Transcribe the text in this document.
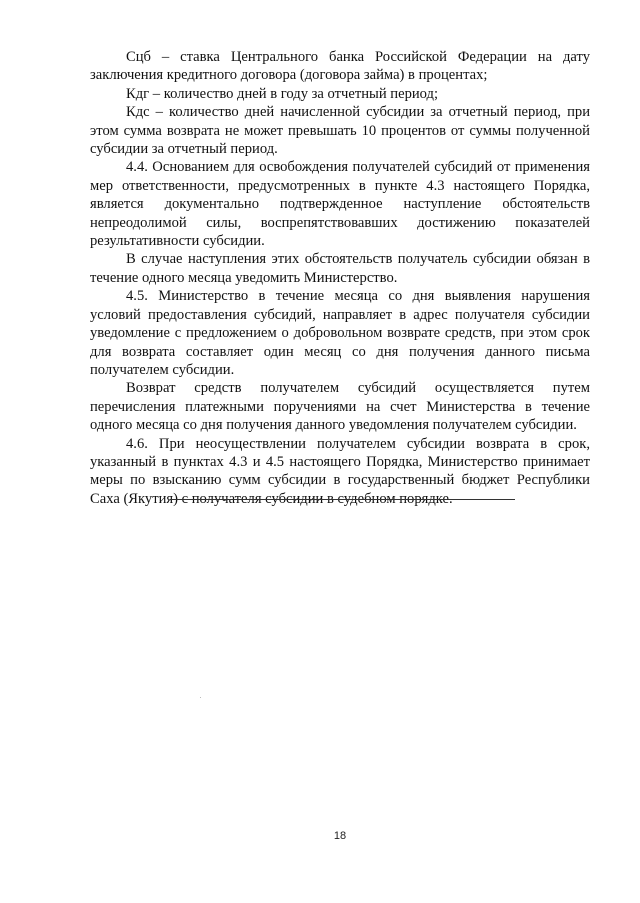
Сцб – ставка Центрального банка Российской Федерации на дату заключения кредитного договора (договора займа) в процентах;

Кдг – количество дней в году за отчетный период;

Кдс – количество дней начисленной субсидии за отчетный период, при этом сумма возврата не может превышать 10 процентов от суммы полученной субсидии за отчетный период.

4.4. Основанием для освобождения получателей субсидий от применения мер ответственности, предусмотренных в пункте 4.3 настоящего Порядка, является документально подтвержденное наступление обстоятельств непреодолимой силы, воспрепятствовавших достижению показателей результативности субсидии.

В случае наступления этих обстоятельств получатель субсидии обязан в течение одного месяца уведомить Министерство.

4.5. Министерство в течение месяца со дня выявления нарушения условий предоставления субсидий, направляет в адрес получателя субсидии уведомление с предложением о добровольном возврате средств, при этом срок для возврата составляет один месяц со дня получения данного письма получателем субсидии.

Возврат средств получателем субсидий осуществляется путем перечисления платежными поручениями на счет Министерства в течение одного месяца со дня получения данного уведомления получателем субсидии.

4.6. При неосуществлении получателем субсидии возврата в срок, указанный в пунктах 4.3 и 4.5 настоящего Порядка, Министерство принимает меры по взысканию сумм субсидии в государственный бюджет Республики Саха (Якутия) с получателя субсидии в судебном порядке.

18
